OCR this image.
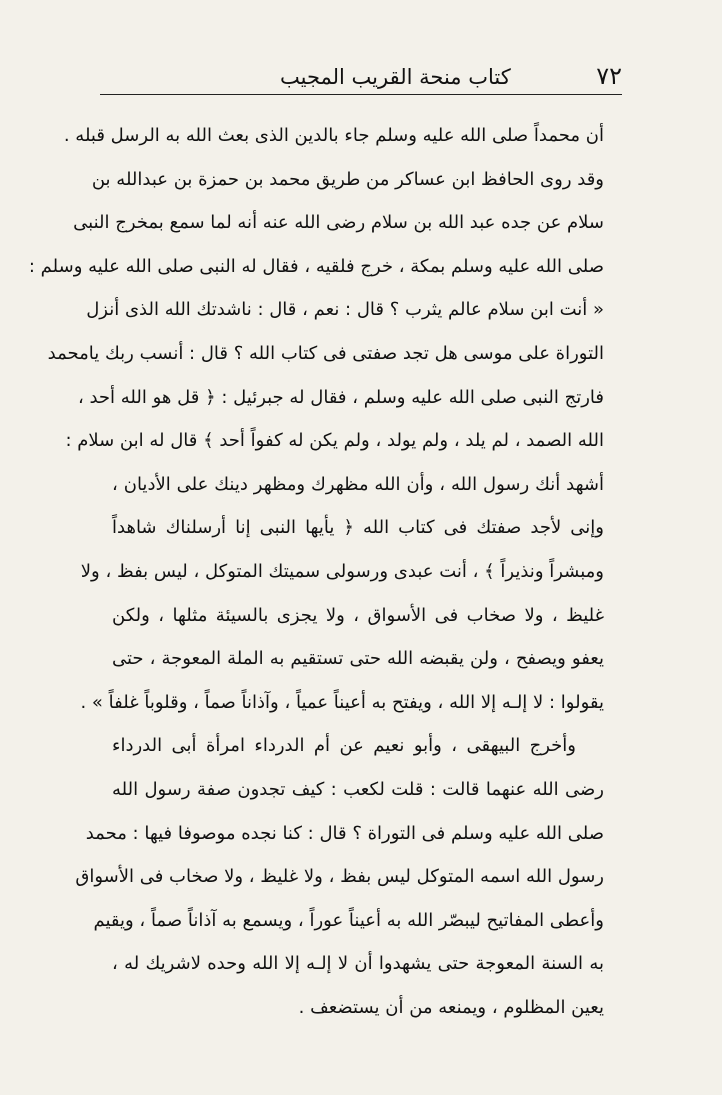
٧٢
كتاب منحة القريب المجيب
أن محمداً صلى الله عليه وسلم جاء بالدين الذى بعث الله به الرسل قبله .
وقد روى الحافظ ابن عساكر من طريق محمد بن حمزة بن عبدالله بن
سلام عن جده عبد الله بن سلام رضى الله عنه أنه لما سمع بمخرج النبى
صلى الله عليه وسلم بمكة ، خرج فلقيه ، فقال له النبى صلى الله عليه وسلم :
« أنت ابن سلام عالم يثرب ؟ قال : نعم ، قال : ناشدتك الله الذى أنزل
التوراة على موسى هل تجد صفتى فى كتاب الله ؟ قال : أنسب ربك يامحمد
فارتج النبى صلى الله عليه وسلم ، فقال له جبرئيل : ﴿ قل هو الله أحد ،
الله الصمد ، لم يلد ، ولم يولد ، ولم يكن له كفواً أحد ﴾ قال له ابن سلام :
أشهد أنك رسول الله ، وأن الله مظهرك ومظهر دينك على الأديان ،
وإنى لأجد صفتك فى كتاب الله ﴿ يأيها النبى إنا أرسلناك شاهداً
ومبشراً ونذيراً ﴾ ، أنت عبدى ورسولى سميتك المتوكل ، ليس بفظ ، ولا
غليظ ، ولا صخاب فى الأسواق ، ولا يجزى بالسيئة مثلها ، ولكن
يعفو ويصفح ، ولن يقبضه الله حتى تستقيم به الملة المعوجة ، حتى
يقولوا : لا إلـه إلا الله ، ويفتح به أعيناً عمياً ، وآذاناً صماً ، وقلوباً غلفاً » .
وأخرج البيهقى ، وأبو نعيم عن أم الدرداء امرأة أبى الدرداء
رضى الله عنهما قالت : قلت لكعب : كيف تجدون صفة رسول الله
صلى الله عليه وسلم فى التوراة ؟ قال : كنا نجده موصوفا فيها : محمد
رسول الله اسمه المتوكل ليس بفظ ، ولا غليظ ، ولا صخاب فى الأسواق
وأعطى المفاتيح ليبصّر الله به أعيناً عوراً ، ويسمع به آذاناً صماً ، ويقيم
به السنة المعوجة حتى يشهدوا أن لا إلـه إلا الله وحده لاشريك له ،
يعين المظلوم ، ويمنعه من أن يستضعف .
